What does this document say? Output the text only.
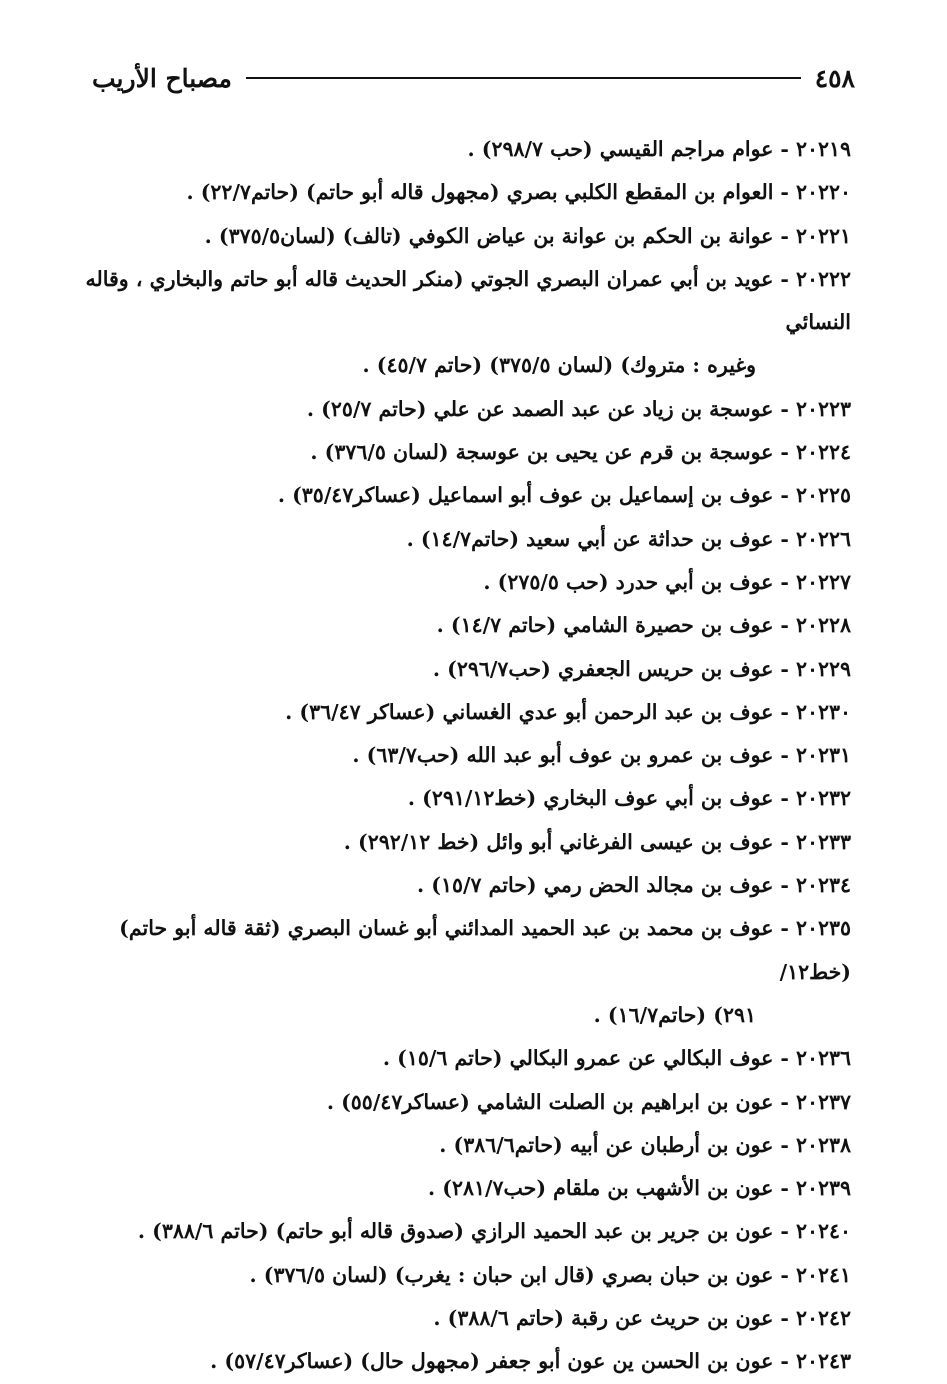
٤٥٨
مصباح الأريب
٢٠٢١٩-عوام مراجم القيسي (حب ٢٩٨/٧) .
٢٠٢٢٠-العوام بن المقطع الكلبي بصري (مجهول قاله أبو حاتم) (حاتم٢٢/٧) .
٢٠٢٢١-عوانة بن الحكم بن عوانة بن عياض الكوفي (تالف) (لسان٣٧٥/٥) .
٢٠٢٢٢-عويد بن أبي عمران البصري الجوتي (منكر الحديث قاله أبو حاتم والبخاري ، وقاله النسائي
وغيره : متروك) (لسان ٣٧٥/٥) (حاتم ٤٥/٧) .
٢٠٢٢٣-عوسجة بن زياد عن عبد الصمد عن علي (حاتم ٢٥/٧) .
٢٠٢٢٤-عوسجة بن قرم عن يحيى بن عوسجة (لسان ٣٧٦/٥) .
٢٠٢٢٥-عوف بن إسماعيل بن عوف أبو اسماعيل (عساكر٣٥/٤٧) .
٢٠٢٢٦-عوف بن حداثة عن أبي سعيد (حاتم١٤/٧) .
٢٠٢٢٧-عوف بن أبي حدرد (حب ٢٧٥/٥) .
٢٠٢٢٨-عوف بن حصيرة الشامي (حاتم ١٤/٧) .
٢٠٢٢٩-عوف بن حريس الجعفري (حب٢٩٦/٧) .
٢٠٢٣٠-عوف بن عبد الرحمن أبو عدي الغساني (عساكر ٣٦/٤٧) .
٢٠٢٣١-عوف بن عمرو بن عوف أبو عبد الله (حب٦٣/٧) .
٢٠٢٣٢-عوف بن أبي عوف البخاري (خط٢٩١/١٢) .
٢٠٢٣٣-عوف بن عيسى الفرغاني أبو وائل (خط ٢٩٢/١٢) .
٢٠٢٣٤-عوف بن مجالد الحض رمي (حاتم ١٥/٧) .
٢٠٢٣٥-عوف بن محمد بن عبد الحميد المدائني أبو غسان البصري (ثقة قاله أبو حاتم) (خط١٢/
٢٩١) (حاتم١٦/٧) .
٢٠٢٣٦-عوف البكالي عن عمرو البكالي (حاتم ١٥/٦) .
٢٠٢٣٧-عون بن ابراهيم بن الصلت الشامي (عساكر٥٥/٤٧) .
٢٠٢٣٨-عون بن أرطبان عن أبيه (حاتم٣٨٦/٦) .
٢٠٢٣٩-عون بن الأشهب بن ملقام (حب٢٨١/٧) .
٢٠٢٤٠-عون بن جرير بن عبد الحميد الرازي (صدوق قاله أبو حاتم) (حاتم ٣٨٨/٦) .
٢٠٢٤١-عون بن حبان بصري (قال ابن حبان : يغرب) (لسان ٣٧٦/٥) .
٢٠٢٤٢-عون بن حريث عن رقبة (حاتم ٣٨٨/٦) .
٢٠٢٤٣-عون بن الحسن ين عون أبو جعفر (مجهول حال) (عساكر٥٧/٤٧) .
